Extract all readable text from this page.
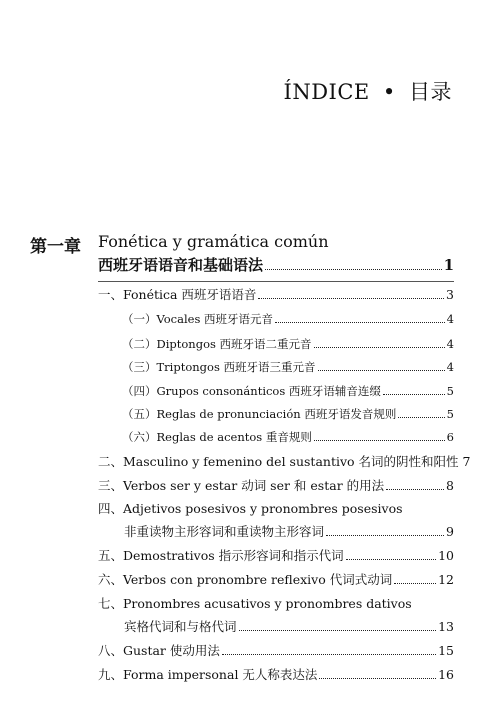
ÍNDICE • 目录
第一章 Fonética y gramática común
西班牙语语音和基础语法	1
一、Fonética 西班牙语语音	3
（一）Vocales 西班牙语元音	4
（二）Diptongos 西班牙语二重元音	4
（三）Triptongos 西班牙语三重元音	4
（四）Grupos consonánticos 西班牙语辅音连缀	5
（五）Reglas de pronunciación 西班牙语发音规则	5
（六）Reglas de acentos 重音规则	6
二、Masculino y femenino del sustantivo 名词的阴性和阳性 7
三、Verbos ser y estar 动词 ser 和 estar 的用法	8
四、Adjetivos posesivos y pronombres posesivos
非重读物主形容词和重读物主形容词	9
五、Demostrativos 指示形容词和指示代词	10
六、Verbos con pronombre reflexivo 代词式动词	12
七、Pronombres acusativos y pronombres dativos
宾格代词和与格代词	13
八、Gustar 使动用法	15
九、Forma impersonal 无人称表达法	16
